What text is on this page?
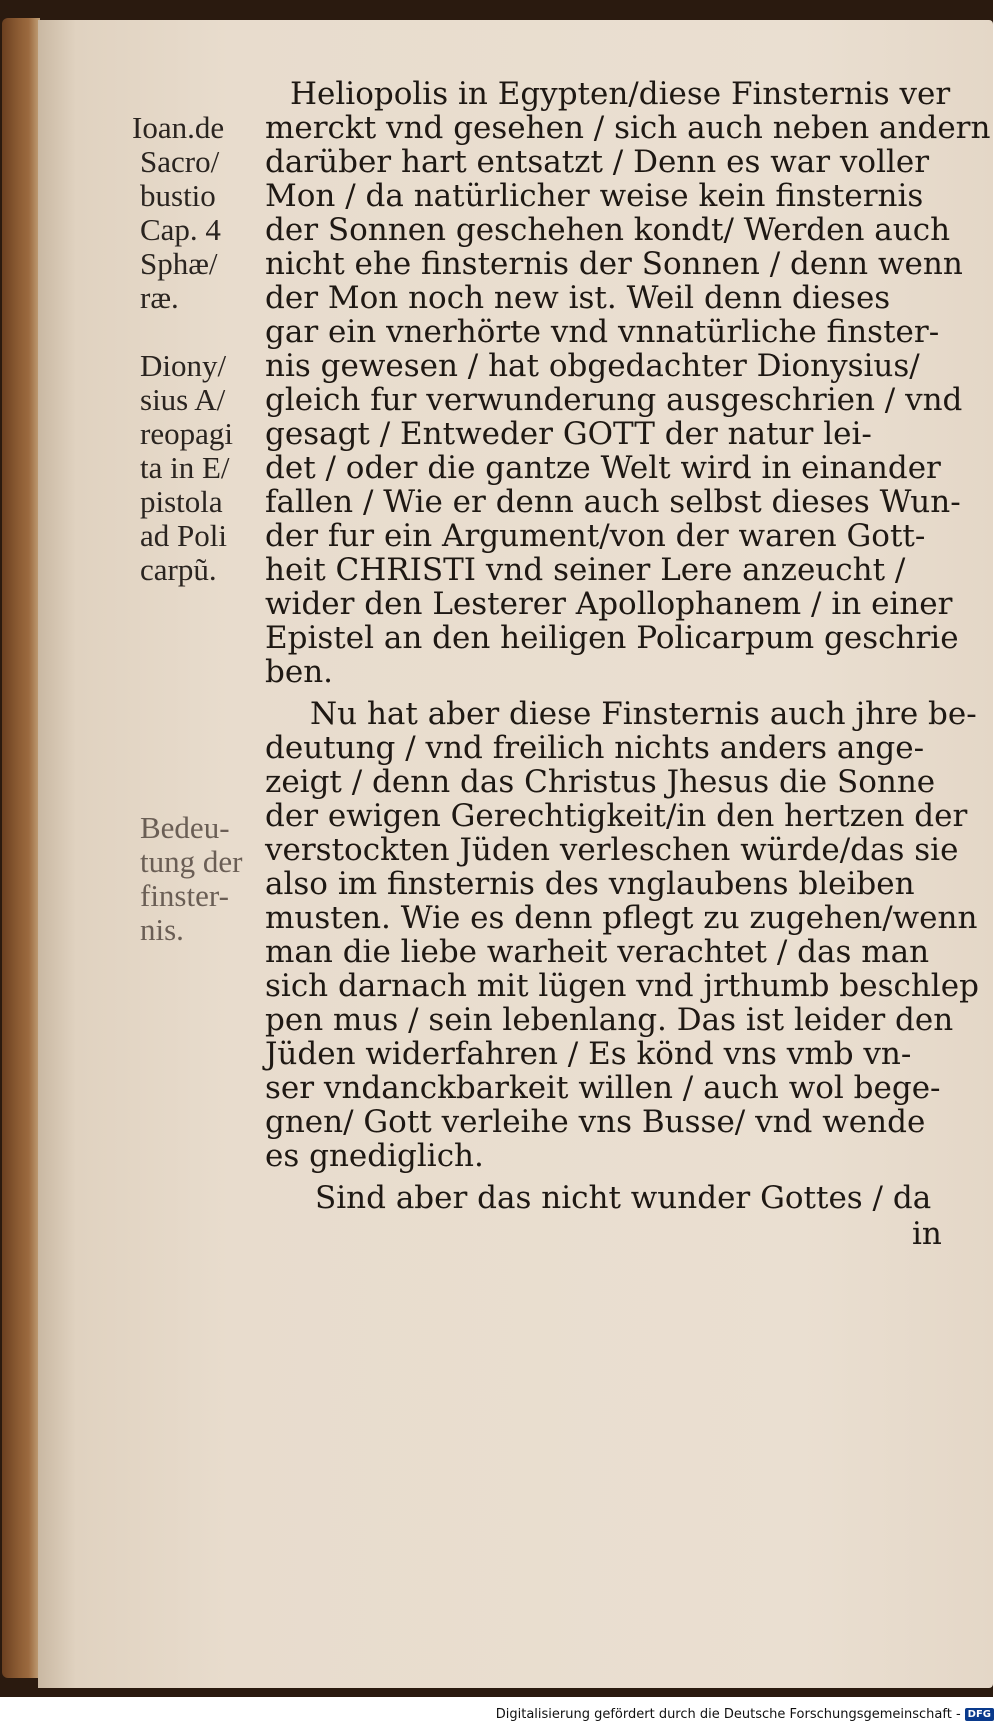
Heliopolis in Egypten/diese Finsternis ver
merckt vnd gesehen / sich auch neben andern
darüber hart entsatzt / Denn es war voller
Mon / da natürlicher weise kein finsternis
der Sonnen geschehen kondt/ Werden auch
nicht ehe finsternis der Sonnen / denn wenn
der Mon noch new ist. Weil denn dieses
gar ein vnerhörte vnd vnnatürliche finster-
nis gewesen / hat obgedachter Dionysius/
gleich fur verwunderung ausgeschrien / vnd
gesagt / Entweder GOTT der natur lei-
det / oder die gantze Welt wird in einander
fallen / Wie er denn auch selbst dieses Wun-
der fur ein Argument/von der waren Gott-
heit CHRISTI vnd seiner Lere anzeucht /
wider den Lesterer Apollophanem / in einer
Epistel an den heiligen Policarpum geschrie
ben.
Nu hat aber diese Finsternis auch jhre be-
deutung / vnd freilich nichts anders ange-
zeigt / denn das Christus Jhesus die Sonne
der ewigen Gerechtigkeit/in den hertzen der
verstockten Jüden verleschen würde/das sie
also im finsternis des vnglaubens bleiben
musten. Wie es denn pflegt zu zugehen/wenn
man die liebe warheit verachtet / das man
sich darnach mit lügen vnd jrthumb beschlep
pen mus / sein lebenlang. Das ist leider den
Jüden widerfahren / Es könd vns vmb vn-
ser vndanckbarkeit willen / auch wol bege-
gnen/ Gott verleihe vns Busse/ vnd wende
es gnediglich.
Sind aber das nicht wunder Gottes / da
in
Ioan.de
Sacro/
bustio
Cap. 4
Sphæ/
ræ.
Diony/
sius A/
reopagi
ta in E/
pistola
ad Poli
carpũ.
Bedeu-
tung der
finster-
nis.
Digitalisierung gefördert durch die Deutsche Forschungsgemeinschaft - DFG
